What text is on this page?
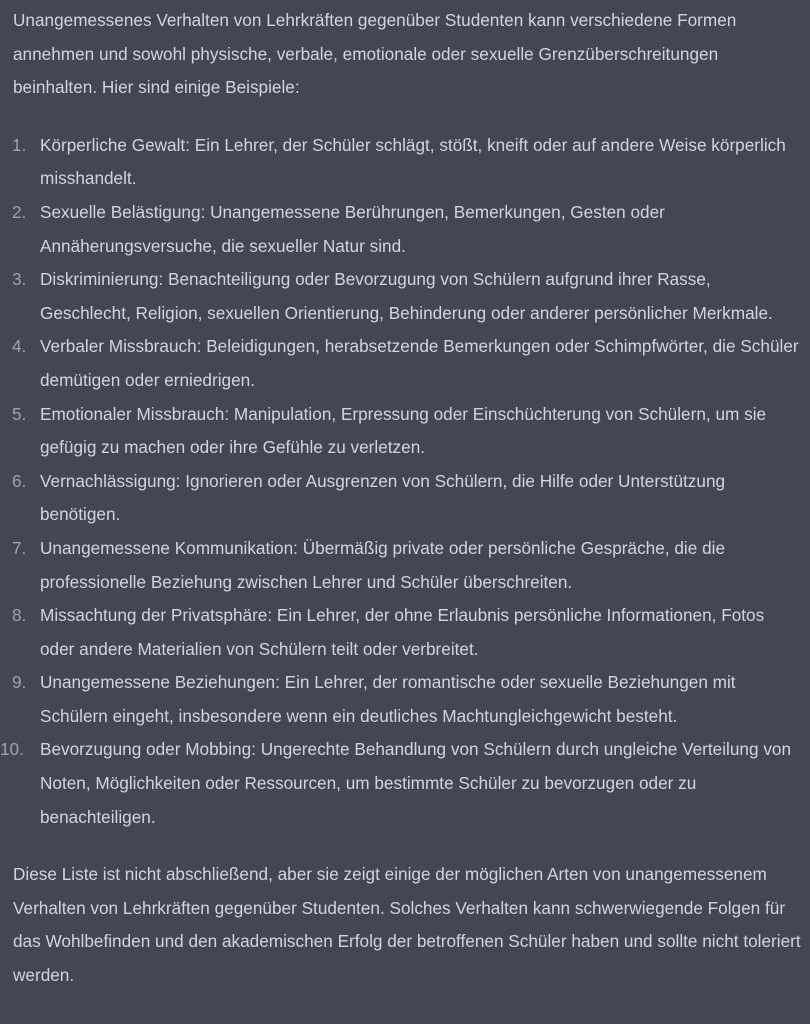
Unangemessenes Verhalten von Lehrkräften gegenüber Studenten kann verschiedene Formen annehmen und sowohl physische, verbale, emotionale oder sexuelle Grenzüberschreitungen beinhalten. Hier sind einige Beispiele:

1. Körperliche Gewalt: Ein Lehrer, der Schüler schlägt, stößt, kneift oder auf andere Weise körperlich misshandelt.
2. Sexuelle Belästigung: Unangemessene Berührungen, Bemerkungen, Gesten oder Annäherungsversuche, die sexueller Natur sind.
3. Diskriminierung: Benachteiligung oder Bevorzugung von Schülern aufgrund ihrer Rasse, Geschlecht, Religion, sexuellen Orientierung, Behinderung oder anderer persönlicher Merkmale.
4. Verbaler Missbrauch: Beleidigungen, herabsetzende Bemerkungen oder Schimpfwörter, die Schüler demütigen oder erniedrigen.
5. Emotionaler Missbrauch: Manipulation, Erpressung oder Einschüchterung von Schülern, um sie gefügig zu machen oder ihre Gefühle zu verletzen.
6. Vernachlässigung: Ignorieren oder Ausgrenzen von Schülern, die Hilfe oder Unterstützung benötigen.
7. Unangemessene Kommunikation: Übermäßig private oder persönliche Gespräche, die die professionelle Beziehung zwischen Lehrer und Schüler überschreiten.
8. Missachtung der Privatsphäre: Ein Lehrer, der ohne Erlaubnis persönliche Informationen, Fotos oder andere Materialien von Schülern teilt oder verbreitet.
9. Unangemessene Beziehungen: Ein Lehrer, der romantische oder sexuelle Beziehungen mit Schülern eingeht, insbesondere wenn ein deutliches Machtungleichgewicht besteht.
10. Bevorzugung oder Mobbing: Ungerechte Behandlung von Schülern durch ungleiche Verteilung von Noten, Möglichkeiten oder Ressourcen, um bestimmte Schüler zu bevorzugen oder zu benachteiligen.

Diese Liste ist nicht abschließend, aber sie zeigt einige der möglichen Arten von unangemessenem Verhalten von Lehrkräften gegenüber Studenten. Solches Verhalten kann schwerwiegende Folgen für das Wohlbefinden und den akademischen Erfolg der betroffenen Schüler haben und sollte nicht toleriert werden.
